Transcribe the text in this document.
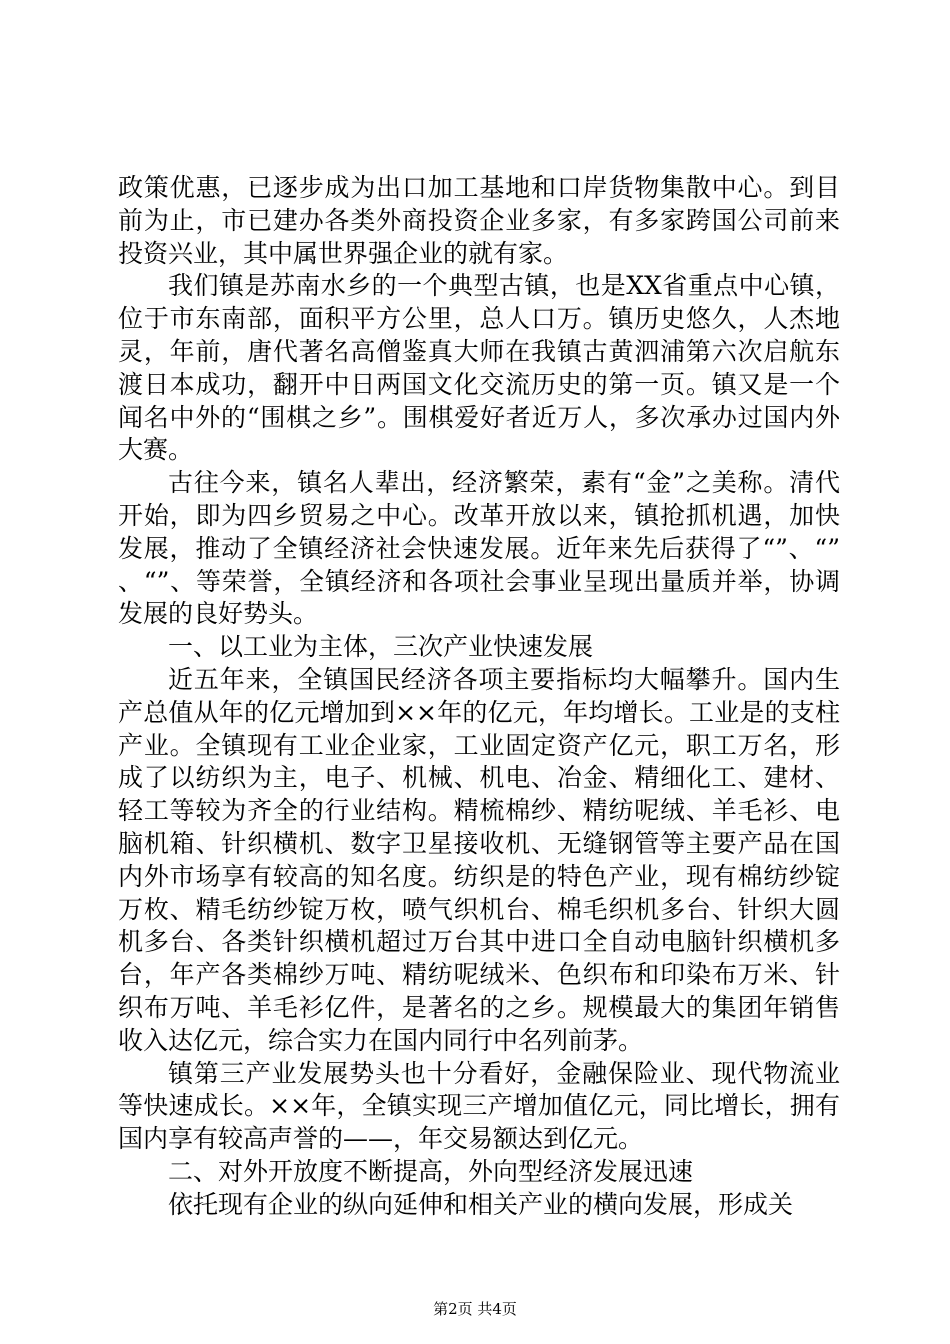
政策优惠，已逐步成为出口加工基地和口岸货物集散中心。到目前为止，市已建办各类外商投资企业多家，有多家跨国公司前来投资兴业，其中属世界强企业的就有家。

我们镇是苏南水乡的一个典型古镇，也是XX省重点中心镇，位于市东南部，面积平方公里，总人口万。镇历史悠久，人杰地灵，年前，唐代著名高僧鉴真大师在我镇古黄泗浦第六次启航东渡日本成功，翻开中日两国文化交流历史的第一页。镇又是一个闻名中外的“围棋之乡”。围棋爱好者近万人，多次承办过国内外大赛。

古往今来，镇名人辈出，经济繁荣，素有“金”之美称。清代开始，即为四乡贸易之中心。改革开放以来，镇抢抓机遇，加快发展，推动了全镇经济社会快速发展。近年来先后获得了“”、“”、“”、等荣誉，全镇经济和各项社会事业呈现出量质并举，协调发展的良好势头。

一、以工业为主体，三次产业快速发展

近五年来，全镇国民经济各项主要指标均大幅攀升。国内生产总值从年的亿元增加到××年的亿元，年均增长。工业是的支柱产业。全镇现有工业企业家，工业固定资产亿元，职工万名，形成了以纺织为主，电子、机械、机电、冶金、精细化工、建材、轻工等较为齐全的行业结构。精梳棉纱、精纺呢绒、羊毛衫、电脑机箱、针织横机、数字卫星接收机、无缝钢管等主要产品在国内外市场享有较高的知名度。纺织是的特色产业，现有棉纺纱锭万枚、精毛纺纱锭万枚，喷气织机台、棉毛织机多台、针织大圆机多台、各类针织横机超过万台其中进口全自动电脑针织横机多台，年产各类棉纱万吨、精纺呢绒米、色织布和印染布万米、针织布万吨、羊毛衫亿件，是著名的之乡。规模最大的集团年销售收入达亿元，综合实力在国内同行中名列前茅。

镇第三产业发展势头也十分看好，金融保险业、现代物流业等快速成长。××年，全镇实现三产增加值亿元，同比增长，拥有国内享有较高声誉的——，年交易额达到亿元。

二、对外开放度不断提高，外向型经济发展迅速

依托现有企业的纵向延伸和相关产业的横向发展，形成关

第2页 共4页
